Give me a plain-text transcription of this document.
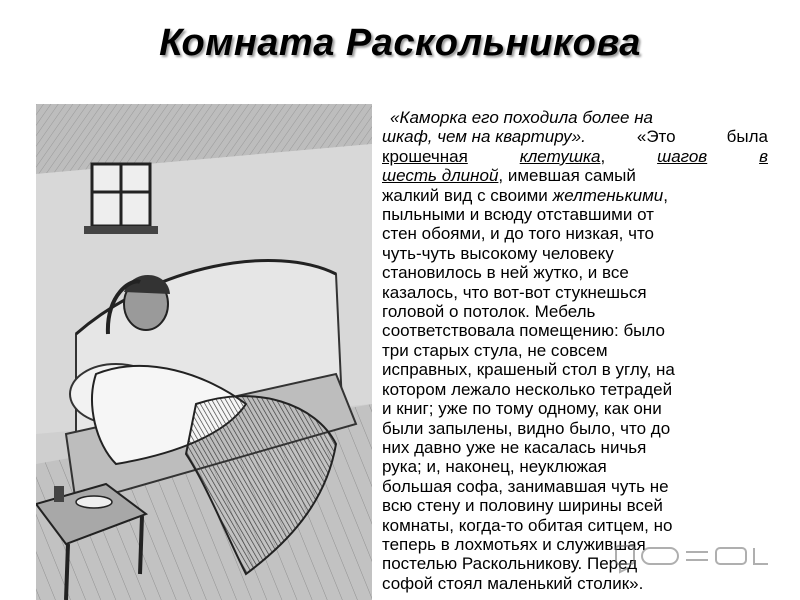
Комната Раскольникова
«Каморка его походила более на
шкаф, чем на квартиру».	«Это	была
крошечная	клетушка,	шагов	в
шесть длиной, имевшая самый
жалкий вид с своими желтенькими,
пыльными и всюду отставшими от
стен обоями, и до того низкая, что
чуть-чуть высокому человеку
становилось в ней жутко, и все
казалось, что вот-вот стукнешься
головой о потолок. Мебель
соответствовала помещению: было
три старых стула, не совсем
исправных, крашеный стол в углу, на
котором лежало несколько тетрадей
и книг; уже по тому одному, как они
были запылены, видно было, что до
них давно уже не касалась ничья
рука; и, наконец, неуклюжая
большая софа, занимавшая чуть не
всю стену и половину ширины всей
комнаты, когда-то обитая ситцем, но
теперь в лохмотьях и служившая
постелью Раскольникову. Перед
софой стоял маленький столик».
